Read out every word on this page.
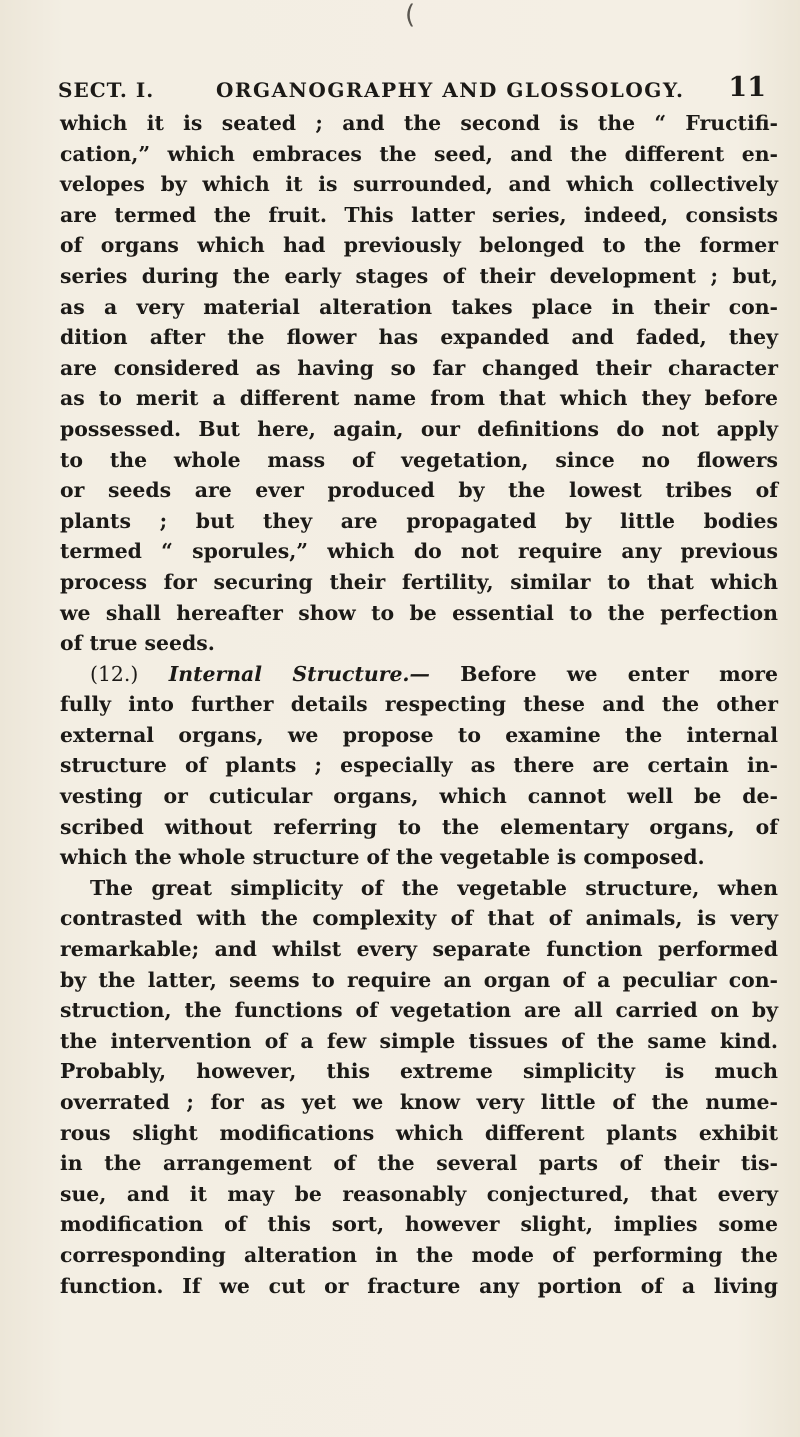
(
SECT. I.	ORGANOGRAPHY AND GLOSSOLOGY. 11

which it is seated ; and the second is the “ Fructifi-
cation,” which embraces the seed, and the different en-
velopes by which it is surrounded, and which collectively
are termed the fruit. This latter series, indeed, consists
of organs which had previously belonged to the former
series during the early stages of their development ; but,
as a very material alteration takes place in their con-
dition after the flower has expanded and faded, they
are considered as having so far changed their character
as to merit a different name from that which they before
possessed. But here, again, our definitions do not apply
to the whole mass of vegetation, since no flowers
or seeds are ever produced by the lowest tribes of
plants ; but they are propagated by little bodies
termed “ sporules,” which do not require any previous
process for securing their fertility, similar to that which
we shall hereafter show to be essential to the perfection
of true seeds.

(12.) Internal Structure.— Before we enter more
fully into further details respecting these and the other
external organs, we propose to examine the internal
structure of plants ; especially as there are certain in-
vesting or cuticular organs, which cannot well be de-
scribed without referring to the elementary organs, of
which the whole structure of the vegetable is composed.

The great simplicity of the vegetable structure, when
contrasted with the complexity of that of animals, is very
remarkable; and whilst every separate function performed
by the latter, seems to require an organ of a peculiar con-
struction, the functions of vegetation are all carried on by
the intervention of a few simple tissues of the same kind.
Probably, however, this extreme simplicity is much
overrated ; for as yet we know very little of the nume-
rous slight modifications which different plants exhibit
in the arrangement of the several parts of their tis-
sue, and it may be reasonably conjectured, that every
modification of this sort, however slight, implies some
corresponding alteration in the mode of performing the
function. If we cut or fracture any portion of a living
